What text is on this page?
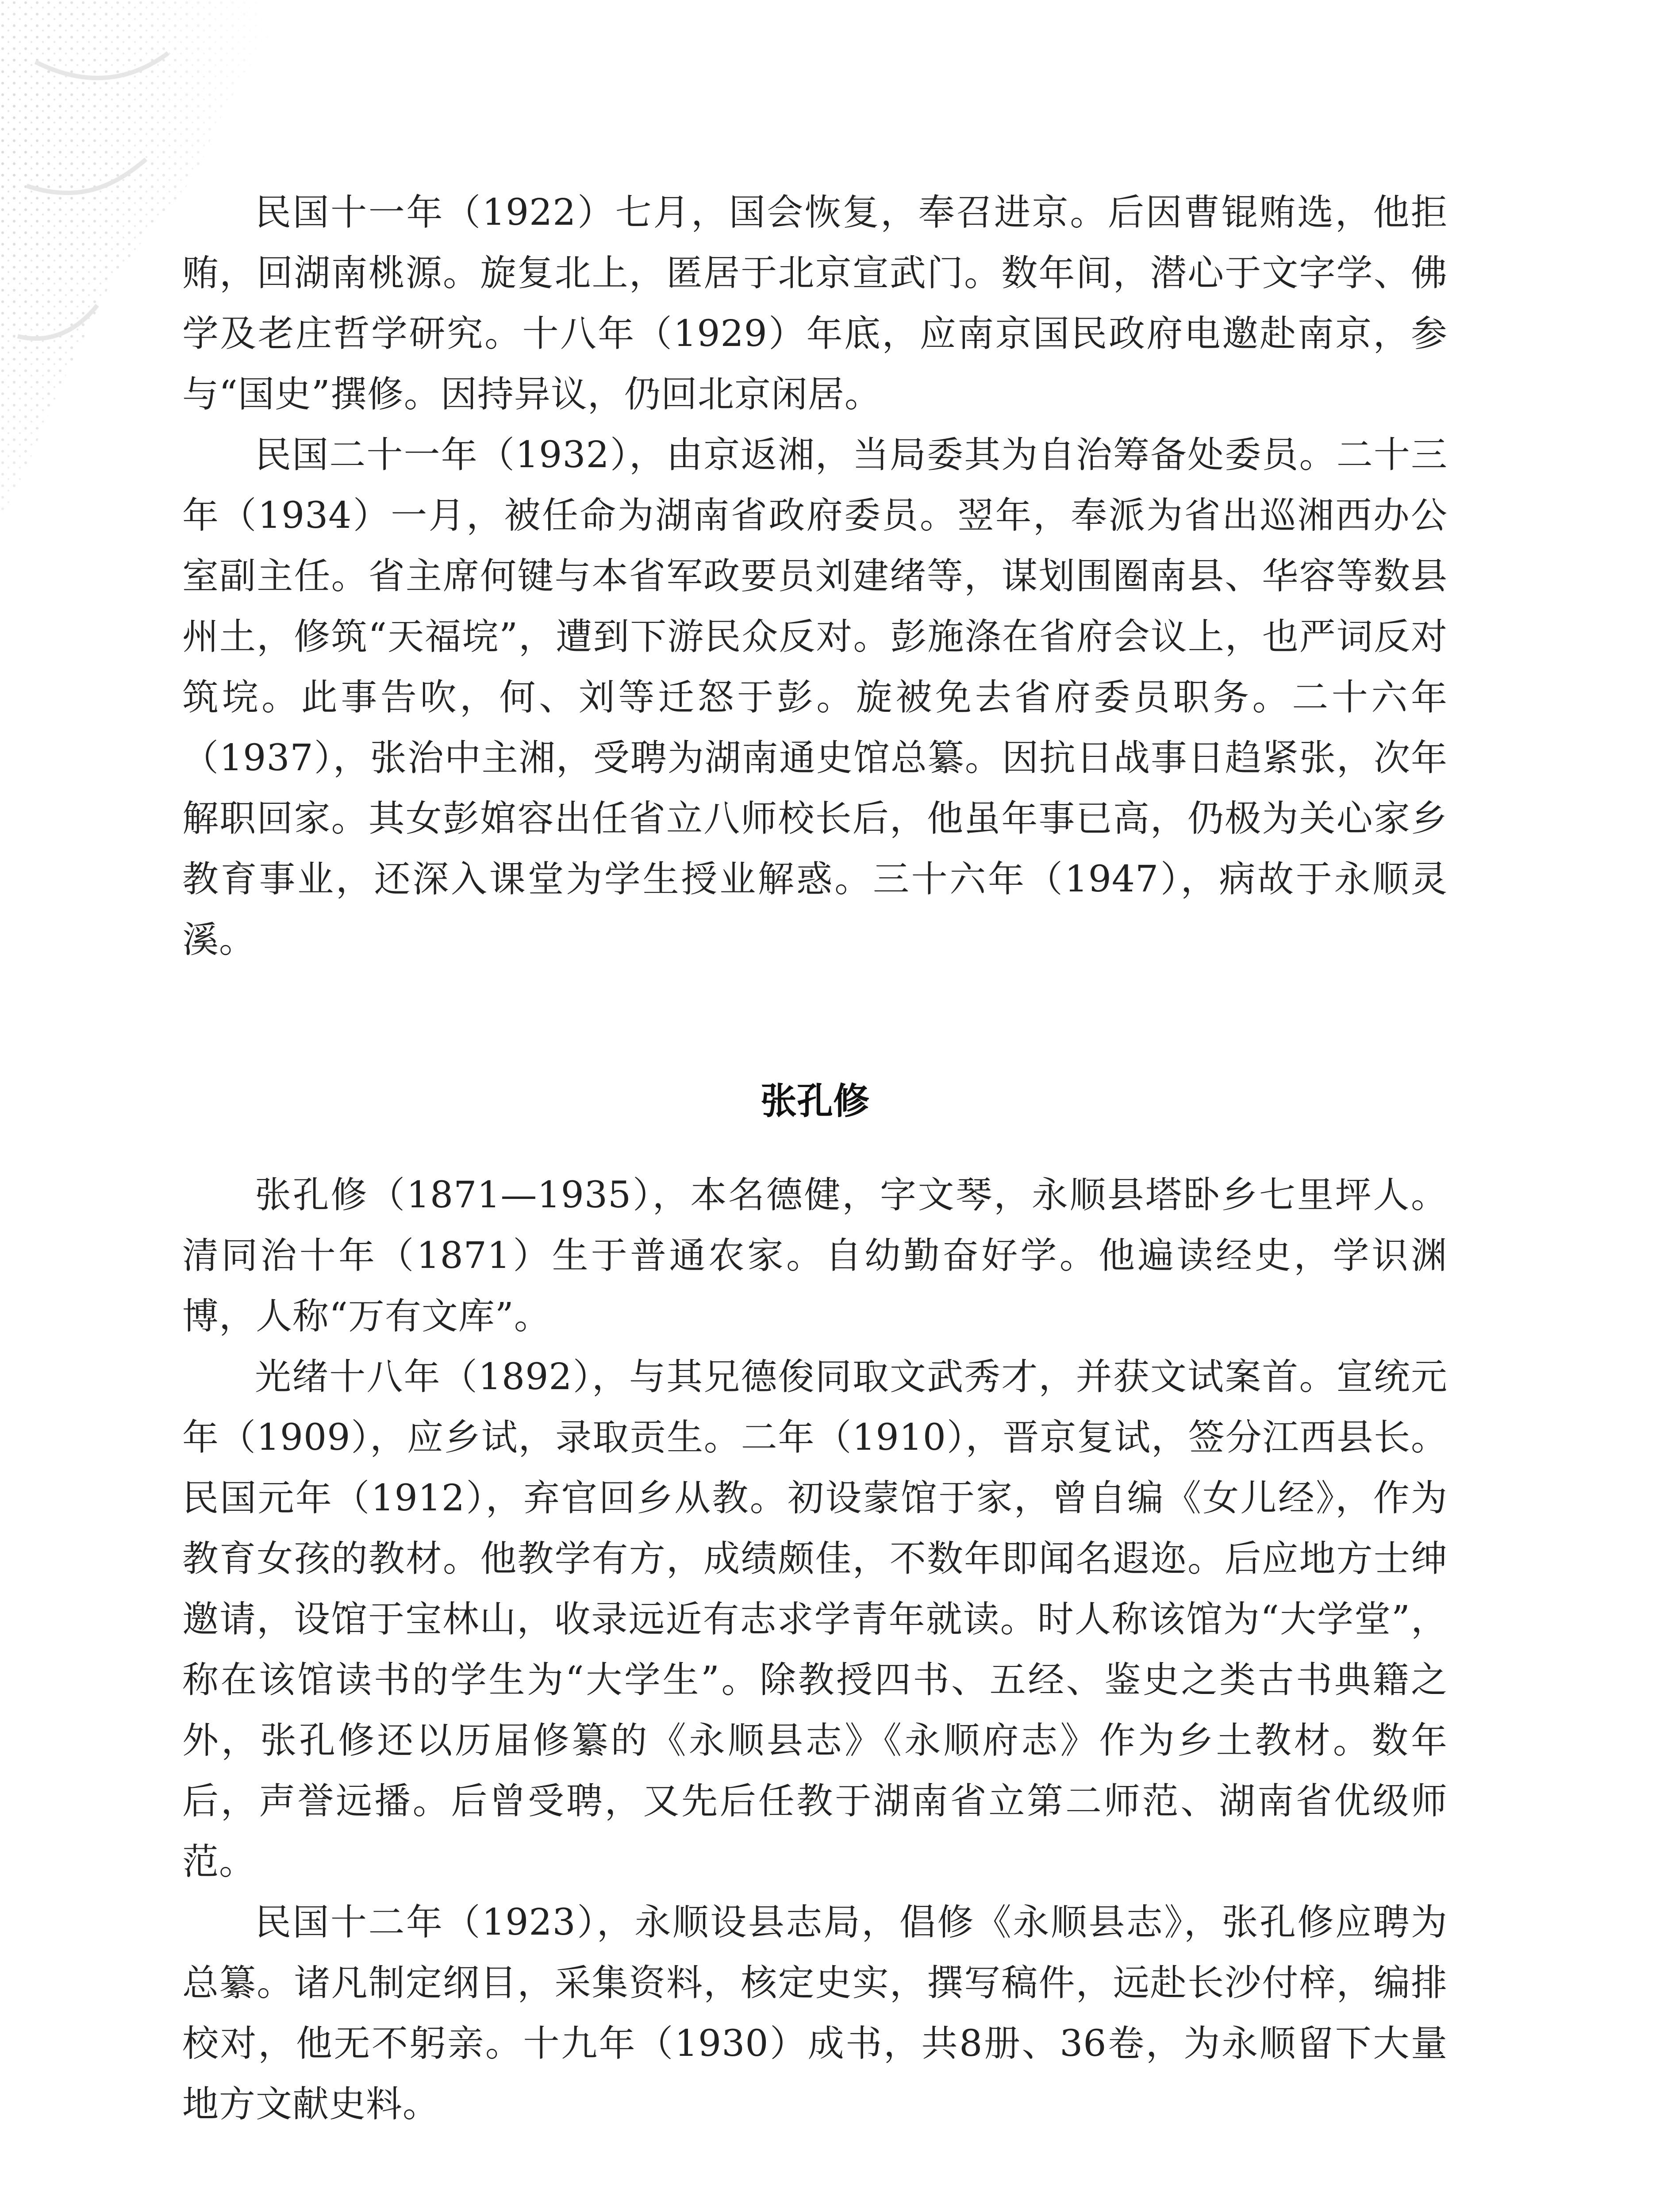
民国十一年（1922）七月，国会恢复，奉召进京。后因曹锟贿选，他拒贿，回湖南桃源。旋复北上，匿居于北京宣武门。数年间，潜心于文字学、佛学及老庄哲学研究。十八年（1929）年底，应南京国民政府电邀赴南京，参与“国史”撰修。因持异议，仍回北京闲居。

民国二十一年（1932），由京返湘，当局委其为自治筹备处委员。二十三年（1934）一月，被任命为湖南省政府委员。翌年，奉派为省出巡湘西办公室副主任。省主席何键与本省军政要员刘建绪等，谋划围圈南县、华容等数县州土，修筑“天福垸”，遭到下游民众反对。彭施涤在省府会议上，也严词反对筑垸。此事告吹，何、刘等迁怒于彭。旋被免去省府委员职务。二十六年（1937），张治中主湘，受聘为湖南通史馆总纂。因抗日战事日趋紧张，次年解职回家。其女彭婠容出任省立八师校长后，他虽年事已高，仍极为关心家乡教育事业，还深入课堂为学生授业解惑。三十六年（1947），病故于永顺灵溪。

张孔修

张孔修（1871—1935），本名德健，字文琴，永顺县塔卧乡七里坪人。清同治十年（1871）生于普通农家。自幼勤奋好学。他遍读经史，学识渊博，人称“万有文库”。

光绪十八年（1892），与其兄德俊同取文武秀才，并获文试案首。宣统元年（1909），应乡试，录取贡生。二年（1910），晋京复试，签分江西县长。民国元年（1912），弃官回乡从教。初设蒙馆于家，曾自编《女儿经》，作为教育女孩的教材。他教学有方，成绩颇佳，不数年即闻名遐迩。后应地方士绅邀请，设馆于宝林山，收录远近有志求学青年就读。时人称该馆为“大学堂”，称在该馆读书的学生为“大学生”。除教授四书、五经、鉴史之类古书典籍之外，张孔修还以历届修纂的《永顺县志》《永顺府志》作为乡土教材。数年后，声誉远播。后曾受聘，又先后任教于湖南省立第二师范、湖南省优级师范。

民国十二年（1923），永顺设县志局，倡修《永顺县志》，张孔修应聘为总纂。诸凡制定纲目，采集资料，核定史实，撰写稿件，远赴长沙付梓，编排校对，他无不躬亲。十九年（1930）成书，共8册、36卷，为永顺留下大量地方文献史料。
